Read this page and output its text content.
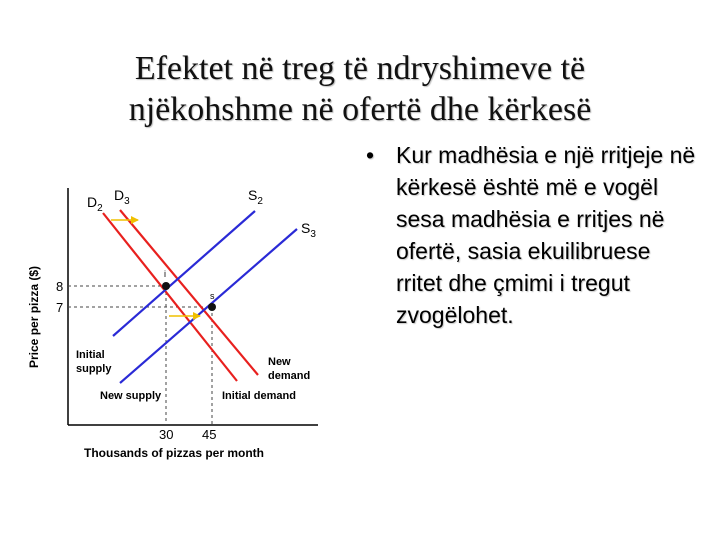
Efektet në treg të ndryshimeve të
njëkohshme në ofertë dhe kërkesë
i
s
$D_2$
$D_3$	$S_2$
$S_3$
8
7
30 45
Price per pizza ($)
Thousands of pizzas per month
Initial
supply
New supply
New
demand
Initial demand
• Kur madhësia e një rritjeje në kërkesë është më e vogël sesa madhësia e rritjes në ofertë, sasia ekuilibruese rritet dhe çmimi i tregut zvogëlohet.
